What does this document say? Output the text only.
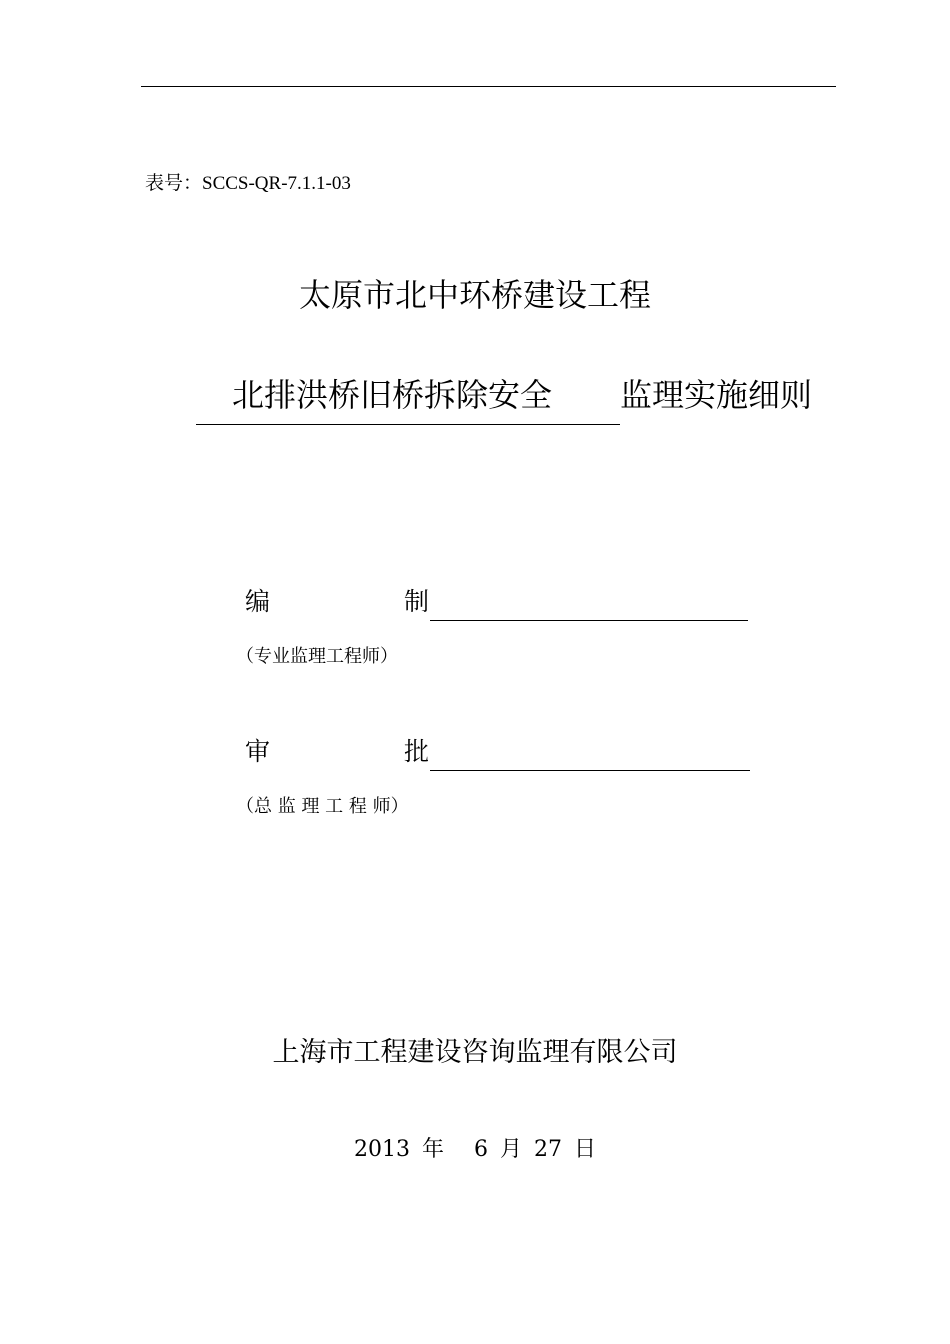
表号：SCCS-QR-7.1.1-03
太原市北中环桥建设工程
北排洪桥旧桥拆除安全 监理实施细则
编	制
（专业监理工程师）
审	批
（总 监 理 工 程 师）
上海市工程建设咨询监理有限公司
2013 年 6 月 27 日
